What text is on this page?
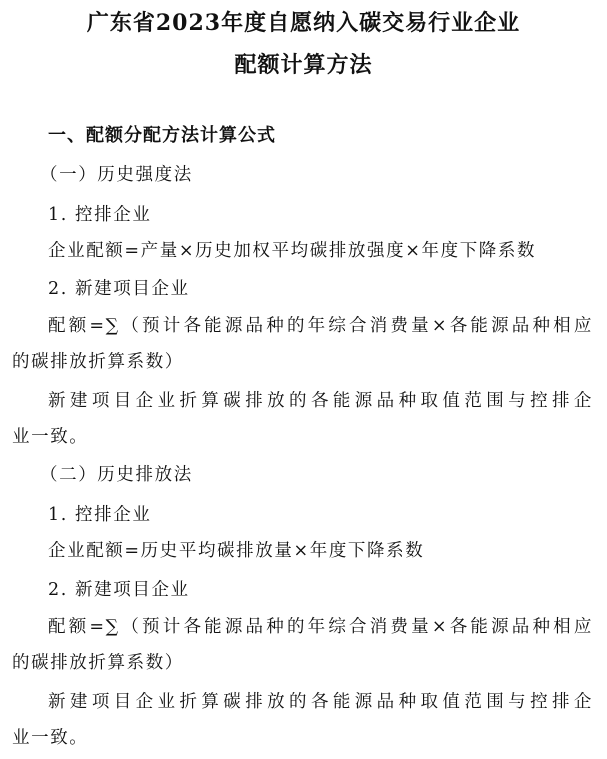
广东省2023年度自愿纳入碳交易行业企业
配额计算方法
一、配额分配方法计算公式
（一）历史强度法
1. 控排企业
企业配额=产量×历史加权平均碳排放强度×年度下降系数
2. 新建项目企业
配额=∑（预计各能源品种的年综合消费量×各能源品种相应
的碳排放折算系数）
新建项目企业折算碳排放的各能源品种取值范围与控排企
业一致。
（二）历史排放法
1. 控排企业
企业配额=历史平均碳排放量×年度下降系数
2. 新建项目企业
配额=∑（预计各能源品种的年综合消费量×各能源品种相应
的碳排放折算系数）
新建项目企业折算碳排放的各能源品种取值范围与控排企
业一致。
